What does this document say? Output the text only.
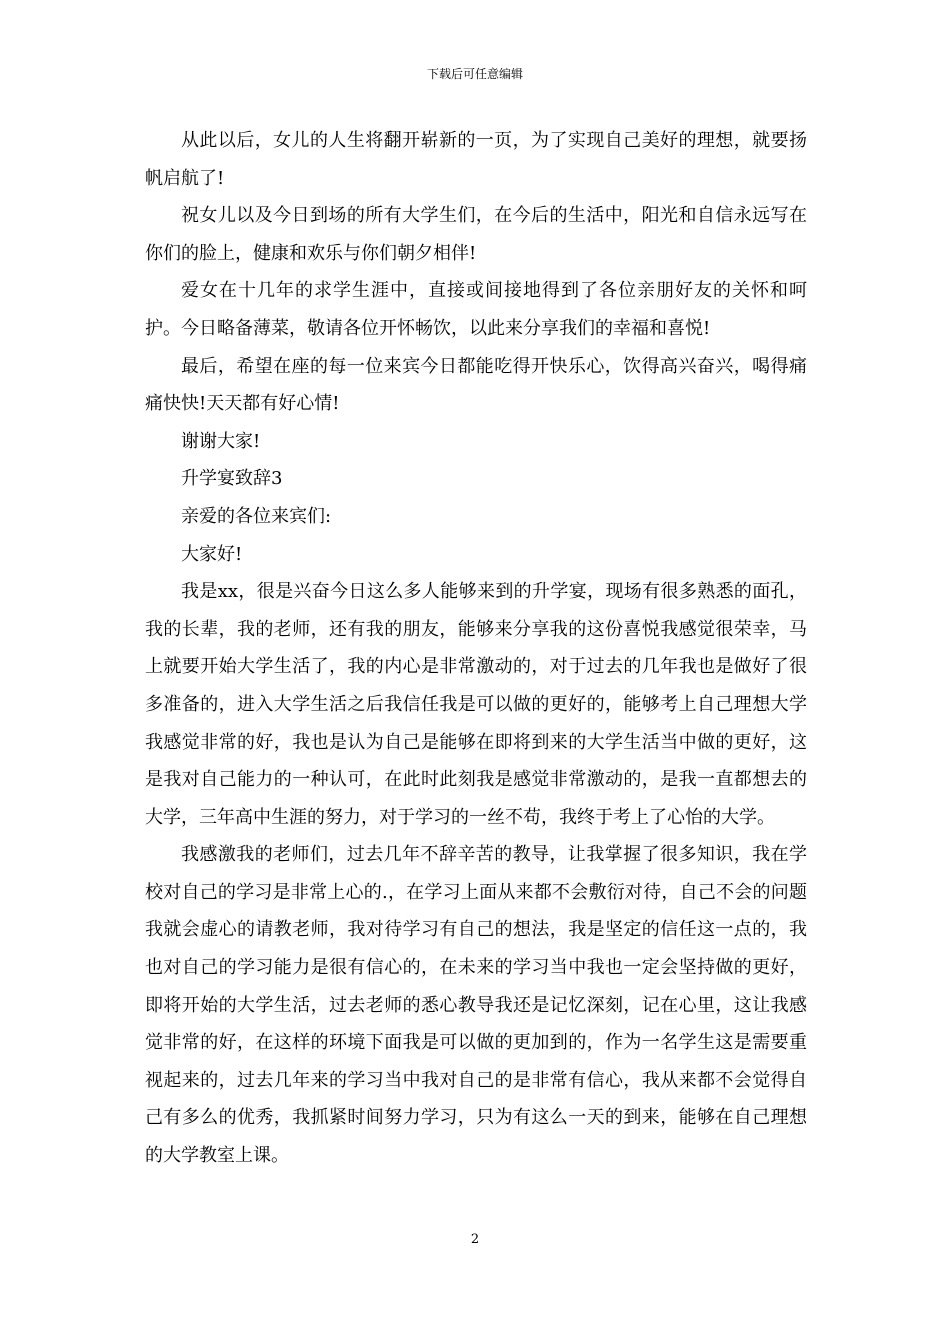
下载后可任意编辑

从此以后，女儿的人生将翻开崭新的一页，为了实现自己美好的理想，就要扬帆启航了!

祝女儿以及今日到场的所有大学生们，在今后的生活中，阳光和自信永远写在你们的脸上，健康和欢乐与你们朝夕相伴!

爱女在十几年的求学生涯中，直接或间接地得到了各位亲朋好友的关怀和呵护。今日略备薄菜，敬请各位开怀畅饮，以此来分享我们的幸福和喜悦!

最后，希望在座的每一位来宾今日都能吃得开快乐心，饮得高兴奋兴，喝得痛痛快快!天天都有好心情!

谢谢大家!

升学宴致辞3

亲爱的各位来宾们:

大家好!

我是xx，很是兴奋今日这么多人能够来到的升学宴，现场有很多熟悉的面孔，我的长辈，我的老师，还有我的朋友，能够来分享我的这份喜悦我感觉很荣幸，马上就要开始大学生活了，我的内心是非常激动的，对于过去的几年我也是做好了很多准备的，进入大学生活之后我信任我是可以做的更好的，能够考上自己理想大学我感觉非常的好，我也是认为自己是能够在即将到来的大学生活当中做的更好，这是我对自己能力的一种认可，在此时此刻我是感觉非常激动的，是我一直都想去的大学，三年高中生涯的努力，对于学习的一丝不苟，我终于考上了心怡的大学。

我感激我的老师们，过去几年不辞辛苦的教导，让我掌握了很多知识，我在学校对自己的学习是非常上心的.，在学习上面从来都不会敷衍对待，自己不会的问题我就会虚心的请教老师，我对待学习有自己的想法，我是坚定的信任这一点的，我也对自己的学习能力是很有信心的，在未来的学习当中我也一定会坚持做的更好，即将开始的大学生活，过去老师的悉心教导我还是记忆深刻，记在心里，这让我感觉非常的好，在这样的环境下面我是可以做的更加到的，作为一名学生这是需要重视起来的，过去几年来的学习当中我对自己的是非常有信心，我从来都不会觉得自己有多么的优秀，我抓紧时间努力学习，只为有这么一天的到来，能够在自己理想的大学教室上课。

2
